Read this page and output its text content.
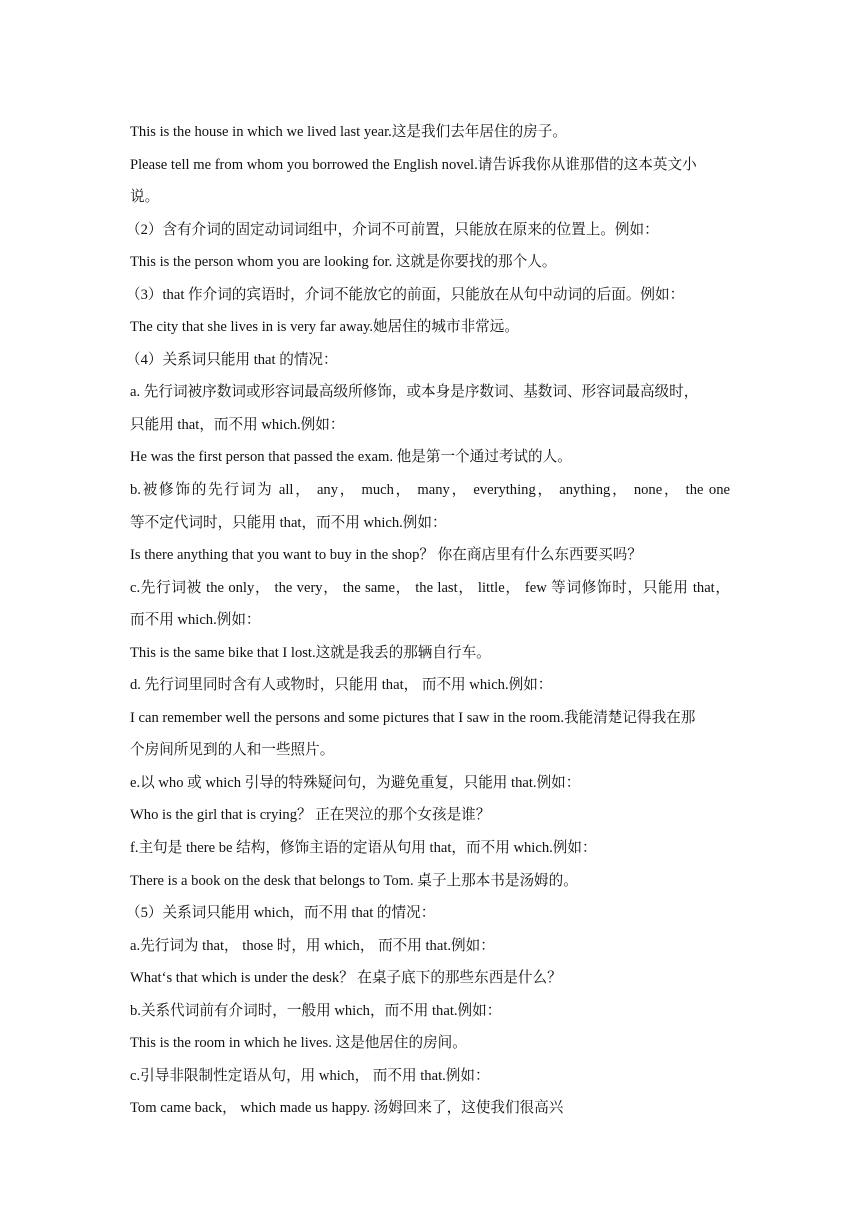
This is the house in which we lived last year.这是我们去年居住的房子。
Please tell me from whom you borrowed the English novel.请告诉我你从谁那借的这本英文小
说。
（2）含有介词的固定动词词组中，介词不可前置，只能放在原来的位置上。例如：
This is the person whom you are looking for. 这就是你要找的那个人。
（3）that 作介词的宾语时，介词不能放它的前面，只能放在从句中动词的后面。例如：
The city that she lives in is very far away.她居住的城市非常远。
（4）关系词只能用 that 的情况：
a. 先行词被序数词或形容词最高级所修饰，或本身是序数词、基数词、形容词最高级时，
只能用 that，而不用 which.例如：
He was the first person that passed the exam. 他是第一个通过考试的人。
b.被修饰的先行词为 all， any， much， many， everything， anything， none， the one
等不定代词时，只能用 that，而不用 which.例如：
Is there anything that you want to buy in the shop？ 你在商店里有什么东西要买吗？
c.先行词被 the only， the very， the same， the last， little， few 等词修饰时，只能用 that，
而不用 which.例如：
This is the same bike that I lost.这就是我丢的那辆自行车。
d. 先行词里同时含有人或物时，只能用 that， 而不用 which.例如：
I can remember well the persons and some pictures that I saw in the room.我能清楚记得我在那
个房间所见到的人和一些照片。
e.以 who 或 which 引导的特殊疑问句，为避免重复，只能用 that.例如：
Who is the girl that is crying？ 正在哭泣的那个女孩是谁？
f.主句是 there be 结构，修饰主语的定语从句用 that，而不用 which.例如：
There is a book on the desk that belongs to Tom. 桌子上那本书是汤姆的。
（5）关系词只能用 which，而不用 that 的情况：
a.先行词为 that， those 时，用 which， 而不用 that.例如：
What‘s that which is under the desk？ 在桌子底下的那些东西是什么？
b.关系代词前有介词时，一般用 which，而不用 that.例如：
This is the room in which he lives. 这是他居住的房间。
c.引导非限制性定语从句，用 which， 而不用 that.例如：
Tom came back， which made us happy. 汤姆回来了，这使我们很高兴
